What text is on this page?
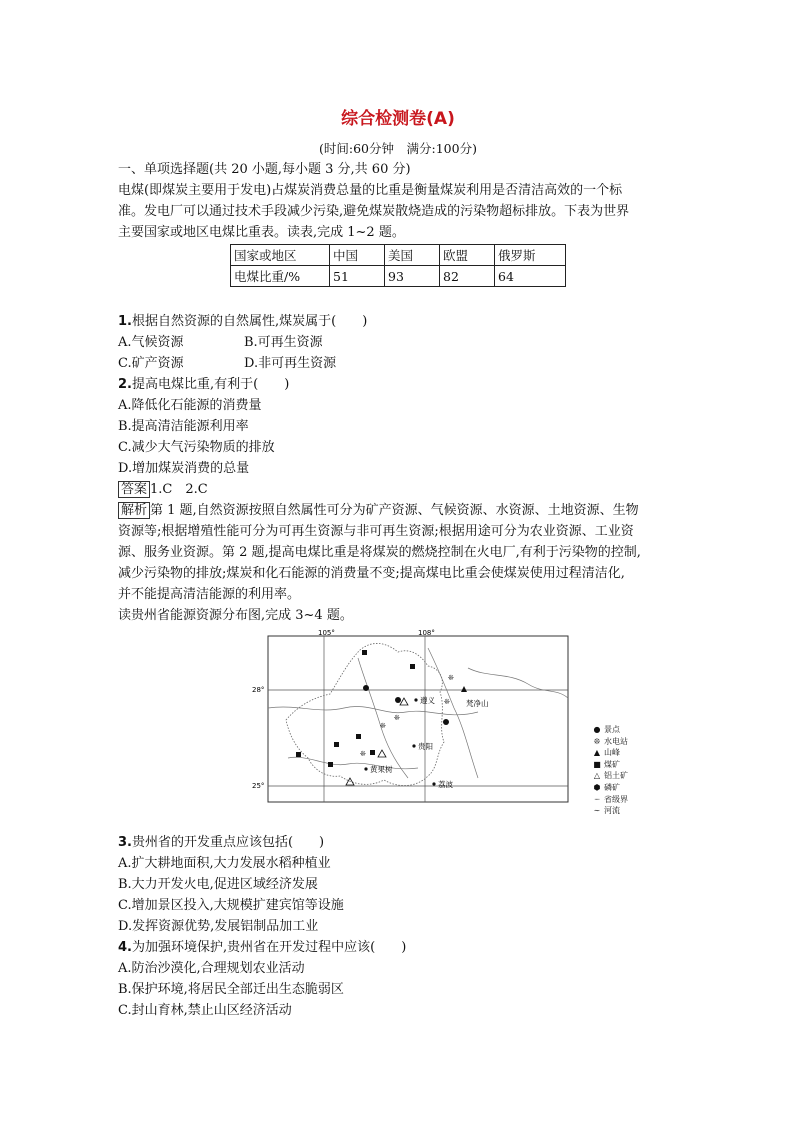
综合检测卷(A)
(时间:60分钟　满分:100分)
一、单项选择题(共 20 小题,每小题 3 分,共 60 分)
电煤(即煤炭主要用于发电)占煤炭消费总量的比重是衡量煤炭利用是否清洁高效的一个标
准。发电厂可以通过技术手段减少污染,避免煤炭散烧造成的污染物超标排放。下表为世界
主要国家或地区电煤比重表。读表,完成 1~2 题。
国家或地区	中国	美国	欧盟	俄罗斯
电煤比重/%	51	93	82	64
1.根据自然资源的自然属性,煤炭属于(　　)
A.气候资源	B.可再生资源
C.矿产资源	D.非可再生资源
2.提高电煤比重,有利于(　　)
A.降低化石能源的消费量
B.提高清洁能源利用率
C.减少大气污染物质的排放
D.增加煤炭消费的总量
答案 1.C　2.C
解析 第 1 题,自然资源按照自然属性可分为矿产资源、气候资源、水资源、土地资源、生物
资源等;根据增殖性能可分为可再生资源与非可再生资源;根据用途可分为农业资源、工业资
源、服务业资源。第 2 题,提高电煤比重是将煤炭的燃烧控制在火电厂,有利于污染物的控制,
减少污染物的排放;煤炭和化石能源的消费量不变;提高煤电比重会使煤炭使用过程清洁化,
并不能提高清洁能源的利用率。
读贵州省能源资源分布图,完成 3~4 题。
105°	108°
28°
25°
❊
❊
❊
❊
❊
遵义	梵净山
贵阳
黄果树
荔波
● 景点
❊ 水电站
▲ 山峰
■ 煤矿
△ 铝土矿
⬢ 磷矿
┈ 省级界
∼ 河流
3.贵州省的开发重点应该包括(　　)
A.扩大耕地面积,大力发展水稻种植业
B.大力开发火电,促进区域经济发展
C.增加景区投入,大规模扩建宾馆等设施
D.发挥资源优势,发展铝制品加工业
4.为加强环境保护,贵州省在开发过程中应该(　　)
A.防治沙漠化,合理规划农业活动
B.保护环境,将居民全部迁出生态脆弱区
C.封山育林,禁止山区经济活动
